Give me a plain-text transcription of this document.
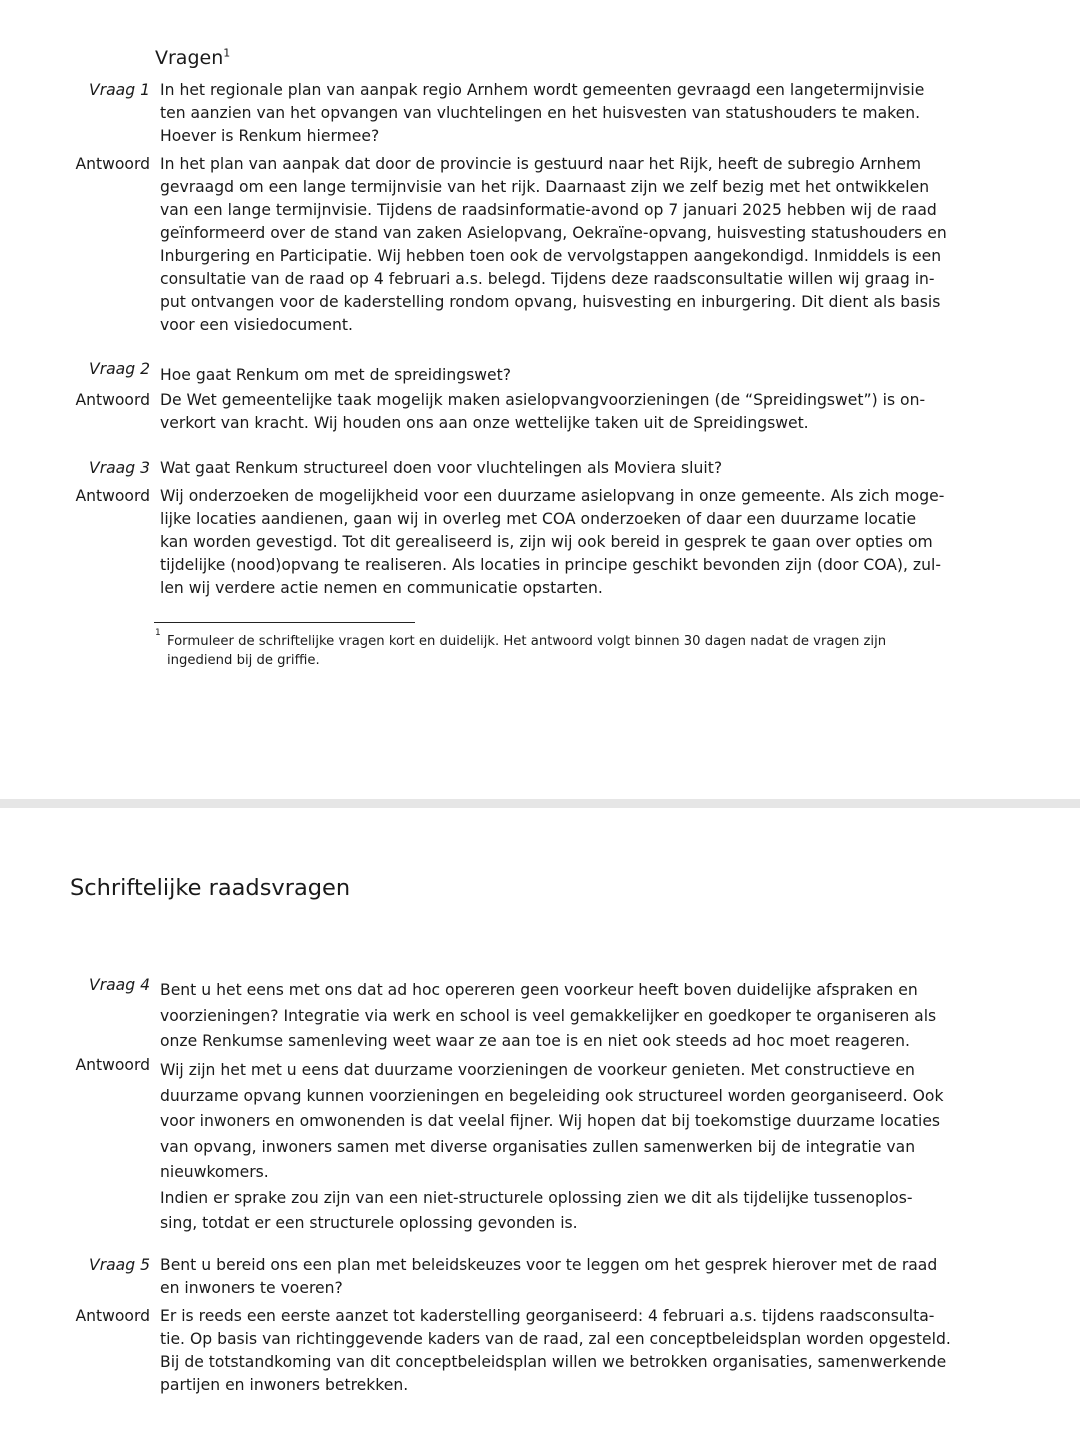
Vragen$^1$
Vraag 1 In het regionale plan van aanpak regio Arnhem wordt gemeenten gevraagd een langetermijnvisie
ten aanzien van het opvangen van vluchtelingen en het huisvesten van statushouders te maken.
Hoever is Renkum hiermee?
Antwoord In het plan van aanpak dat door de provincie is gestuurd naar het Rijk, heeft de subregio Arnhem
gevraagd om een lange termijnvisie van het rijk. Daarnaast zijn we zelf bezig met het ontwikkelen
van een lange termijnvisie. Tijdens de raadsinformatie-avond op 7 januari 2025 hebben wij de raad
geïnformeerd over de stand van zaken Asielopvang, Oekraïne-opvang, huisvesting statushouders en
Inburgering en Participatie. Wij hebben toen ook de vervolgstappen aangekondigd. Inmiddels is een
consultatie van de raad op 4 februari a.s. belegd. Tijdens deze raadsconsultatie willen wij graag in-
put ontvangen voor de kaderstelling rondom opvang, huisvesting en inburgering. Dit dient als basis
voor een visiedocument.
Vraag 2 Hoe gaat Renkum om met de spreidingswet?
Antwoord De Wet gemeentelijke taak mogelijk maken asielopvangvoorzieningen (de “Spreidingswet”) is on-
verkort van kracht. Wij houden ons aan onze wettelijke taken uit de Spreidingswet.
Vraag 3 Wat gaat Renkum structureel doen voor vluchtelingen als Moviera sluit?
Antwoord Wij onderzoeken de mogelijkheid voor een duurzame asielopvang in onze gemeente. Als zich moge-
lijke locaties aandienen, gaan wij in overleg met COA onderzoeken of daar een duurzame locatie
kan worden gevestigd. Tot dit gerealiseerd is, zijn wij ook bereid in gesprek te gaan over opties om
tijdelijke (nood)opvang te realiseren. Als locaties in principe geschikt bevonden zijn (door COA), zul-
len wij verdere actie nemen en communicatie opstarten.
1
Formuleer de schriftelijke vragen kort en duidelijk. Het antwoord volgt binnen 30 dagen nadat de vragen zijn
ingediend bij de griffie.
Schriftelijke raadsvragen
Vraag 4 Bent u het eens met ons dat ad hoc opereren geen voorkeur heeft boven duidelijke afspraken en
voorzieningen? Integratie via werk en school is veel gemakkelijker en goedkoper te organiseren als
onze Renkumse samenleving weet waar ze aan toe is en niet ook steeds ad hoc moet reageren.
Antwoord Wij zijn het met u eens dat duurzame voorzieningen de voorkeur genieten. Met constructieve en
duurzame opvang kunnen voorzieningen en begeleiding ook structureel worden georganiseerd. Ook
voor inwoners en omwonenden is dat veelal fijner. Wij hopen dat bij toekomstige duurzame locaties
van opvang, inwoners samen met diverse organisaties zullen samenwerken bij de integratie van
nieuwkomers.
Indien er sprake zou zijn van een niet-structurele oplossing zien we dit als tijdelijke tussenoplos-
sing, totdat er een structurele oplossing gevonden is.
Vraag 5 Bent u bereid ons een plan met beleidskeuzes voor te leggen om het gesprek hierover met de raad
en inwoners te voeren?
Antwoord Er is reeds een eerste aanzet tot kaderstelling georganiseerd: 4 februari a.s. tijdens raadsconsulta-
tie. Op basis van richtinggevende kaders van de raad, zal een conceptbeleidsplan worden opgesteld.
Bij de totstandkoming van dit conceptbeleidsplan willen we betrokken organisaties, samenwerkende
partijen en inwoners betrekken.
